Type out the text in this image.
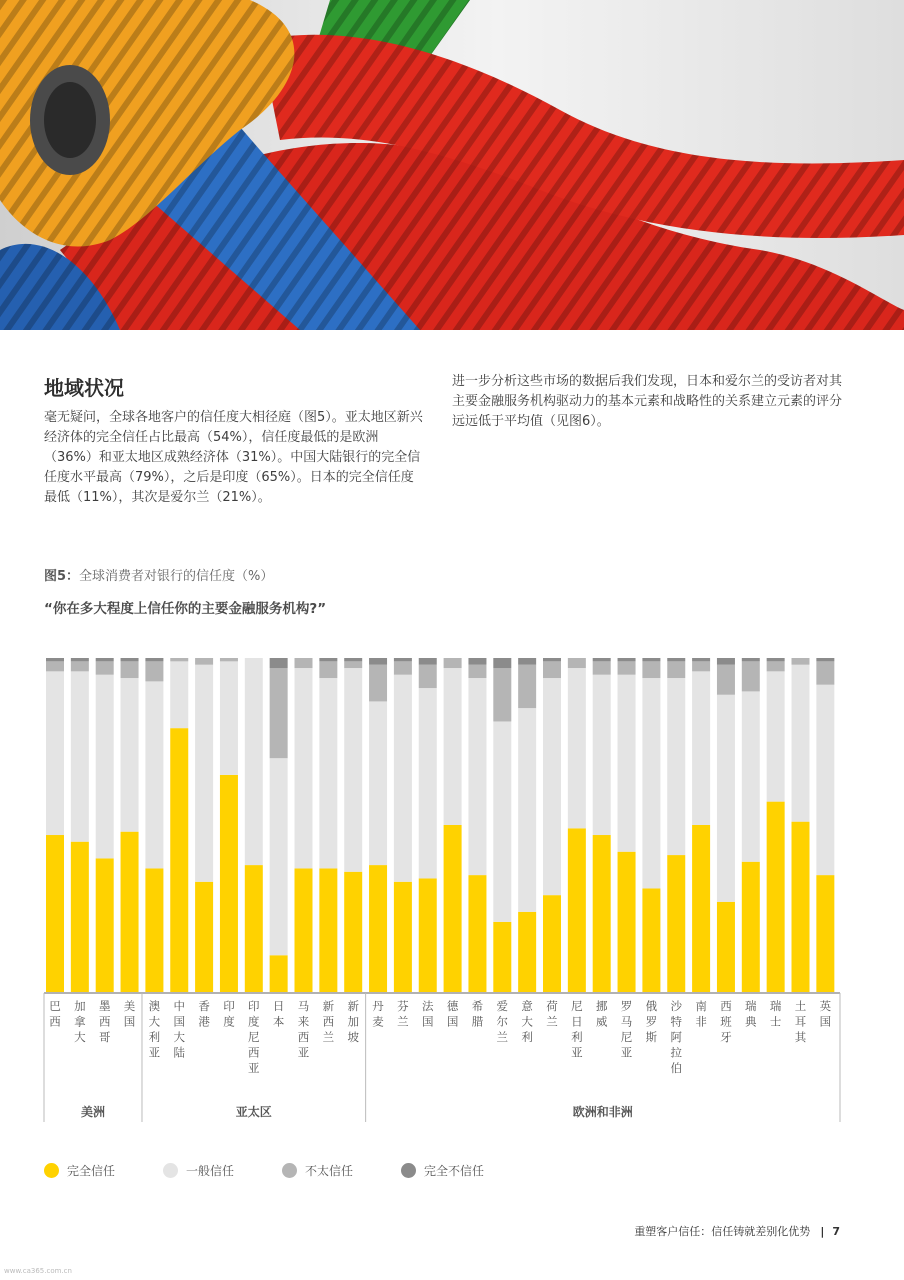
地域状况

毫无疑问，全球各地客户的信任度大相径庭（图5）。亚太地区新兴经济体的完全信任占比最高（54%），信任度最低的是欧洲（36%）和亚太地区成熟经济体（31%）。中国大陆银行的完全信任度水平最高（79%），之后是印度（65%）。日本的完全信任度最低（11%），其次是爱尔兰（21%）。

进一步分析这些市场的数据后我们发现，日本和爱尔兰的受访者对其主要金融服务机构驱动力的基本元素和战略性的关系建立元素的评分远远低于平均值（见图6）。

图5：全球消费者对银行的信任度（%）
“你在多大程度上信任你的主要金融服务机构?”
巴西
加拿大
墨西哥
美国
澳大利亚
中国大陆
香港
印度
印度尼西亚
日本
马来西亚
新西兰
新加坡
丹麦
芬兰
法国
德国
希腊
爱尔兰
意大利
荷兰
尼日利亚
挪威
罗马尼亚
俄罗斯
沙特阿拉伯
南非
西班牙
瑞典
瑞士
土耳其
英国
美洲	亚太区	欧洲和非洲
完全信任	一般信任	不太信任	完全不信任
重塑客户信任：信任铸就差别化优势 | 7
www.ca365.com.cn
